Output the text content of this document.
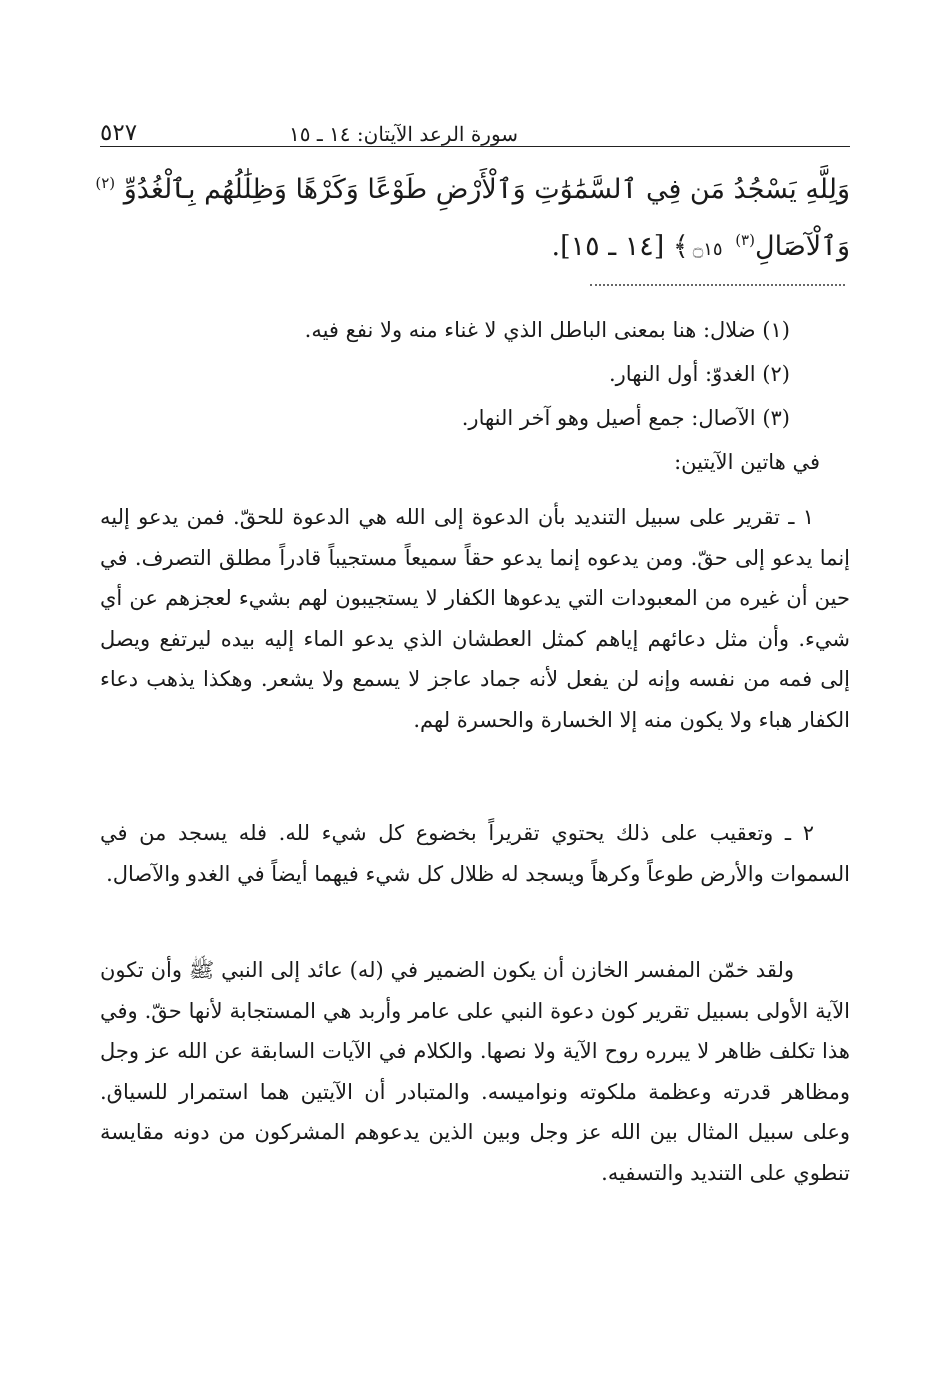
٥٢٧	سورة الرعد الآيتان: ١٤ ـ ١٥
وَلِلَّهِ يَسْجُدُ مَن فِي ٱلسَّمَٰوَٰتِ وَٱلْأَرْضِ طَوْعًا وَكَرْهًا وَظِلَٰلُهُم بِٱلْغُدُوِّ $^{(٢)}$
وَٱلْآصَالِ$^{(٣)}$ ۝١٥﴾ [١٤ ـ ١٥].
(١) ضلال: هنا بمعنى الباطل الذي لا غناء منه ولا نفع فيه.
(٢) الغدوّ: أول النهار.
(٣) الآصال: جمع أصيل وهو آخر النهار.
في هاتين الآيتين:
١ ـ تقرير على سبيل التنديد بأن الدعوة إلى الله هي الدعوة للحقّ. فمن يدعو إليه إنما يدعو إلى حقّ. ومن يدعوه إنما يدعو حقاً سميعاً مستجيباً قادراً مطلق التصرف. في حين أن غيره من المعبودات التي يدعوها الكفار لا يستجيبون لهم بشيء لعجزهم عن أي شيء. وأن مثل دعائهم إياهم كمثل العطشان الذي يدعو الماء إليه بيده ليرتفع ويصل إلى فمه من نفسه وإنه لن يفعل لأنه جماد عاجز لا يسمع ولا يشعر. وهكذا يذهب دعاء الكفار هباء ولا يكون منه إلا الخسارة والحسرة لهم.
٢ ـ وتعقيب على ذلك يحتوي تقريراً بخضوع كل شيء لله. فله يسجد من في السموات والأرض طوعاً وكرهاً ويسجد له ظلال كل شيء فيهما أيضاً في الغدو والآصال.
ولقد خمّن المفسر الخازن أن يكون الضمير في (له) عائد إلى النبي ﷺ وأن تكون الآية الأولى بسبيل تقرير كون دعوة النبي على عامر وأربد هي المستجابة لأنها حقّ. وفي هذا تكلف ظاهر لا يبرره روح الآية ولا نصها. والكلام في الآيات السابقة عن الله عز وجل ومظاهر قدرته وعظمة ملكوته ونواميسه. والمتبادر أن الآيتين هما استمرار للسياق. وعلى سبيل المثال بين الله عز وجل وبين الذين يدعوهم المشركون من دونه مقايسة تنطوي على التنديد والتسفيه.
